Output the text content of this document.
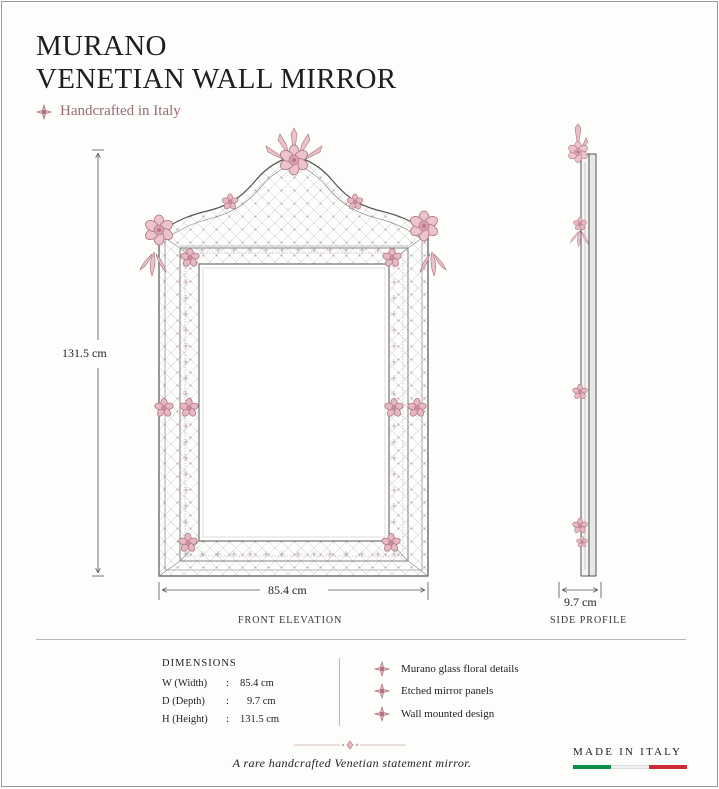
MURANO
VENETIAN WALL MIRROR
Handcrafted in Italy
131.5 cm
85.4 cm
9.7 cm
FRONT ELEVATION	SIDE PROFILE
DIMENSIONS
W (Width)	:	85.4 cm
D (Depth)	:	9.7 cm
H (Height)	:	131.5 cm
Murano glass floral details
Etched mirror panels
Wall mounted design
A rare handcrafted Venetian statement mirror.
MADE IN ITALY
